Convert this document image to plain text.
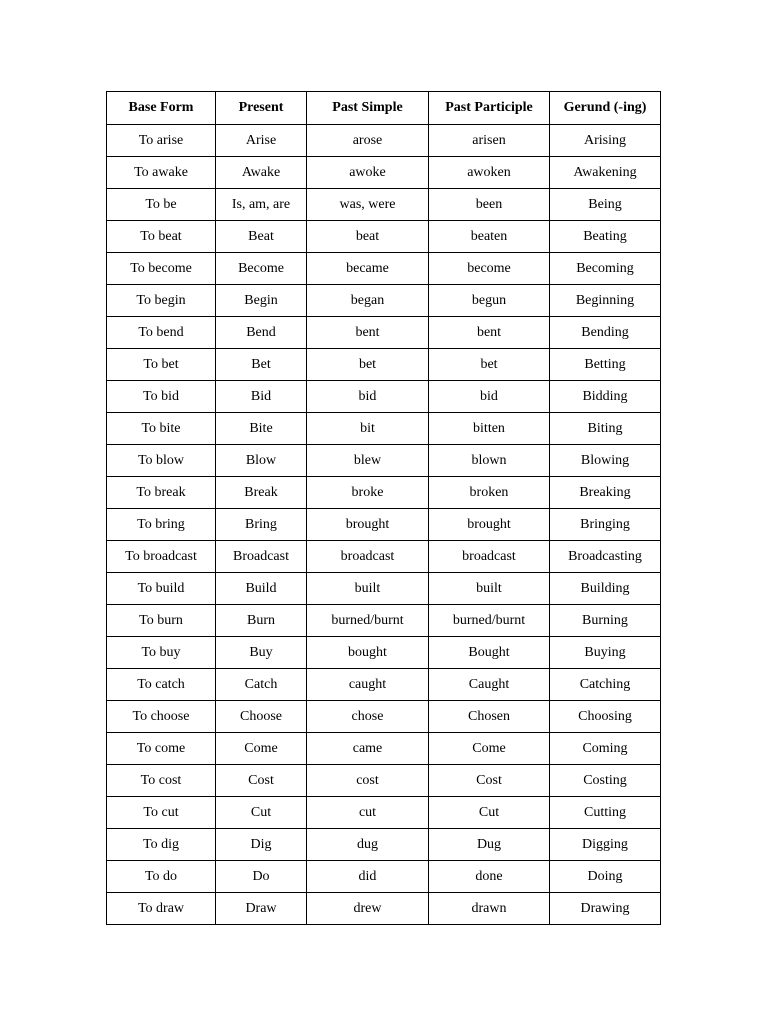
Base Form	Present	Past Simple	Past Participle	Gerund (-ing)
To arise	Arise	arose	arisen	Arising
To awake	Awake	awoke	awoken	Awakening
To be	Is, am, are	was, were	been	Being
To beat	Beat	beat	beaten	Beating
To become	Become	became	become	Becoming
To begin	Begin	began	begun	Beginning
To bend	Bend	bent	bent	Bending
To bet	Bet	bet	bet	Betting
To bid	Bid	bid	bid	Bidding
To bite	Bite	bit	bitten	Biting
To blow	Blow	blew	blown	Blowing
To break	Break	broke	broken	Breaking
To bring	Bring	brought	brought	Bringing
To broadcast	Broadcast	broadcast	broadcast	Broadcasting
To build	Build	built	built	Building
To burn	Burn	burned/burnt	burned/burnt	Burning
To buy	Buy	bought	Bought	Buying
To catch	Catch	caught	Caught	Catching
To choose	Choose	chose	Chosen	Choosing
To come	Come	came	Come	Coming
To cost	Cost	cost	Cost	Costing
To cut	Cut	cut	Cut	Cutting
To dig	Dig	dug	Dug	Digging
To do	Do	did	done	Doing
To draw	Draw	drew	drawn	Drawing
